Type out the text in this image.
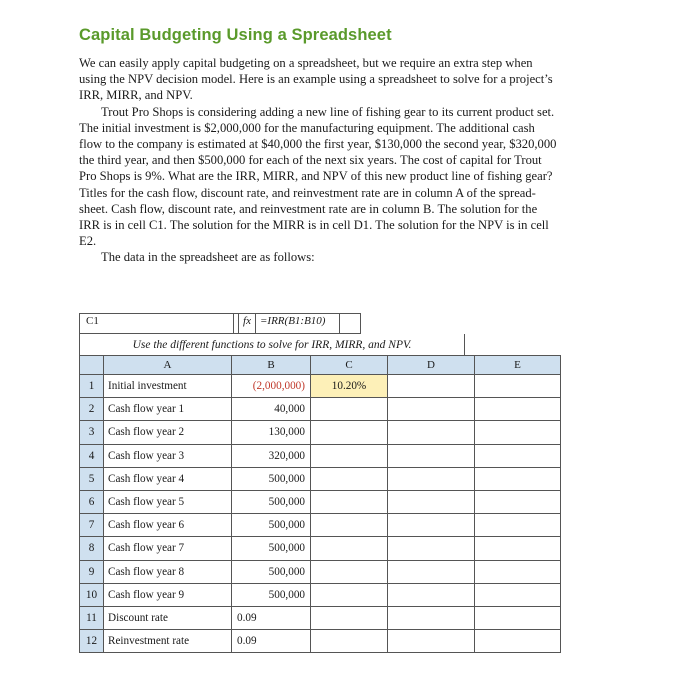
Capital Budgeting Using a Spreadsheet

We can easily apply capital budgeting on a spreadsheet, but we require an extra step when using the NPV decision model. Here is an example using a spreadsheet to solve for a project’s IRR, MIRR, and NPV.

Trout Pro Shops is considering adding a new line of fishing gear to its current product set. The initial investment is $2,000,000 for the manufacturing equipment. The additional cash flow to the company is estimated at $40,000 the first year, $130,000 the second year, $320,000 the third year, and then $500,000 for each of the next six years. The cost of capital for Trout Pro Shops is 9%. What are the IRR, MIRR, and NPV of this new product line of fishing gear? Titles for the cash flow, discount rate, and reinvestment rate are in column A of the spreadsheet. Cash flow, discount rate, and reinvestment rate are in column B. The solution for the IRR is in cell C1. The solution for the MIRR is in cell D1. The solution for the NPV is in cell E2.

The data in the spreadsheet are as follows:

C1	fx =IRR(B1:B10)
Use the different functions to solve for IRR, MIRR, and NPV.
	A	B	C	D	E
1	Initial investment	(2,000,000)	10.20%		
2	Cash flow year 1	40,000			
3	Cash flow year 2	130,000			
4	Cash flow year 3	320,000			
5	Cash flow year 4	500,000			
6	Cash flow year 5	500,000			
7	Cash flow year 6	500,000			
8	Cash flow year 7	500,000			
9	Cash flow year 8	500,000			
10	Cash flow year 9	500,000			
11	Discount rate	0.09			
12	Reinvestment rate	0.09			
